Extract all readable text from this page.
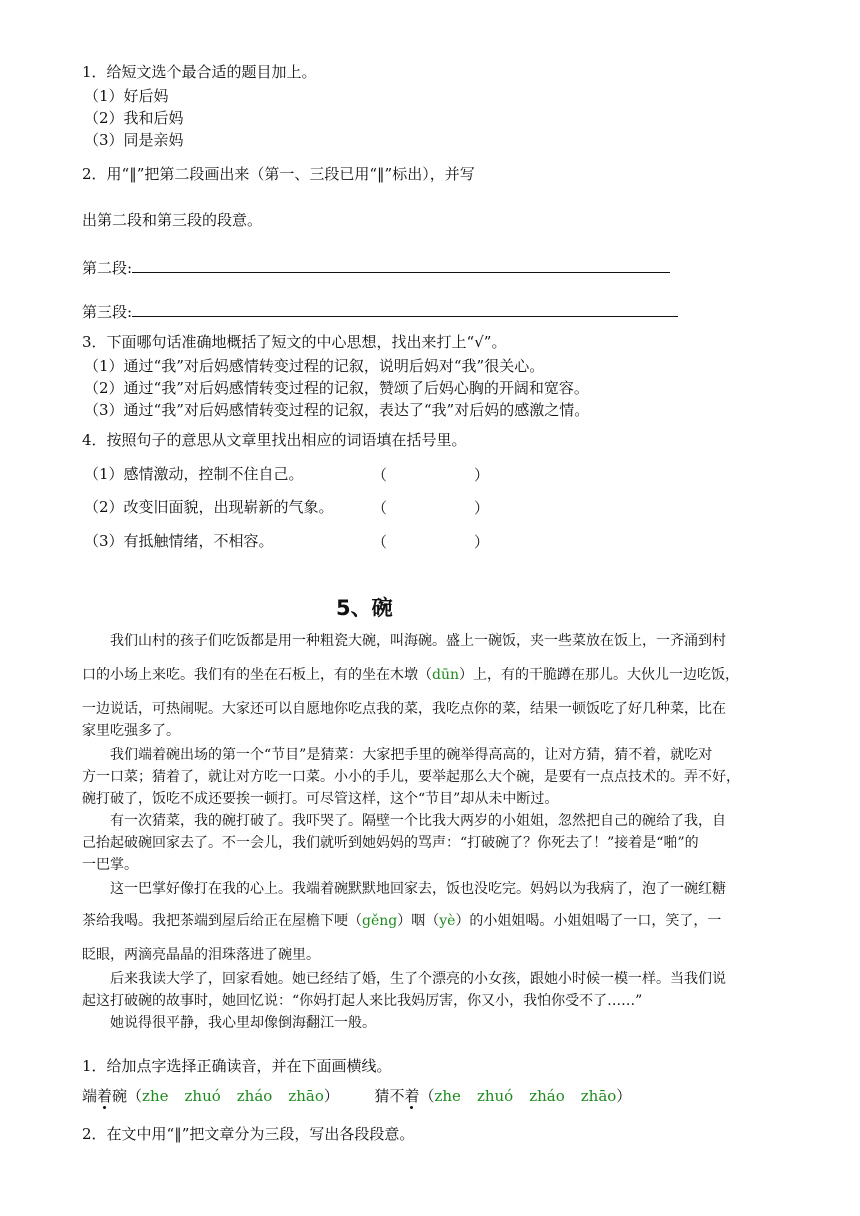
1．给短文选个最合适的题目加上。
（1）好后妈
（2）我和后妈
（3）同是亲妈
2．用“‖”把第二段画出来（第一、三段已用“‖”标出），并写
出第二段和第三段的段意。
第二段:
第三段:
3．下面哪句话准确地概括了短文的中心思想，找出来打上“√”。
（1）通过“我”对后妈感情转变过程的记叙，说明后妈对“我”很关心。
（2）通过“我”对后妈感情转变过程的记叙，赞颂了后妈心胸的开阔和宽容。
（3）通过“我”对后妈感情转变过程的记叙，表达了“我”对后妈的感激之情。
4．按照句子的意思从文章里找出相应的词语填在括号里。
（1）感情激动，控制不住自己。	（	）
（2）改变旧面貌，出现崭新的气象。	（	）
（3）有抵触情绪，不相容。	（	）
5、碗
　　我们山村的孩子们吃饭都是用一种粗瓷大碗，叫海碗。盛上一碗饭，夹一些菜放在饭上，一齐涌到村
口的小场上来吃。我们有的坐在石板上，有的坐在木墩（dūn）上，有的干脆蹲在那儿。大伙儿一边吃饭，
一边说话，可热闹呢。大家还可以自愿地你吃点我的菜，我吃点你的菜，结果一顿饭吃了好几种菜，比在
家里吃强多了。
　　我们端着碗出场的第一个“节目”是猜菜：大家把手里的碗举得高高的，让对方猜，猜不着，就吃对
方一口菜；猜着了，就让对方吃一口菜。小小的手儿，要举起那么大个碗，是要有一点点技术的。弄不好，
碗打破了，饭吃不成还要挨一顿打。可尽管这样，这个“节目”却从未中断过。
　　有一次猜菜，我的碗打破了。我吓哭了。隔壁一个比我大两岁的小姐姐，忽然把自己的碗给了我，自
己抬起破碗回家去了。不一会儿，我们就听到她妈妈的骂声：“打破碗了？你死去了！”接着是“啪”的
一巴掌。
　　这一巴掌好像打在我的心上。我端着碗默默地回家去，饭也没吃完。妈妈以为我病了，泡了一碗红糖
茶给我喝。我把茶端到屋后给正在屋檐下哽（gěng）咽（yè）的小姐姐喝。小姐姐喝了一口，笑了，一
眨眼，两滴亮晶晶的泪珠落进了碗里。
　　后来我读大学了，回家看她。她已经结了婚，生了个漂亮的小女孩，跟她小时候一模一样。当我们说
起这打破碗的故事时，她回忆说：“你妈打起人来比我妈厉害，你又小，我怕你受不了……”
　　她说得很平静，我心里却像倒海翻江一般。
1．给加点字选择正确读音，并在下面画横线。
端着碗（zhe zhuó zháo zhāo） 猜不着（zhe zhuó zháo zhāo）
2．在文中用“‖”把文章分为三段，写出各段段意。
